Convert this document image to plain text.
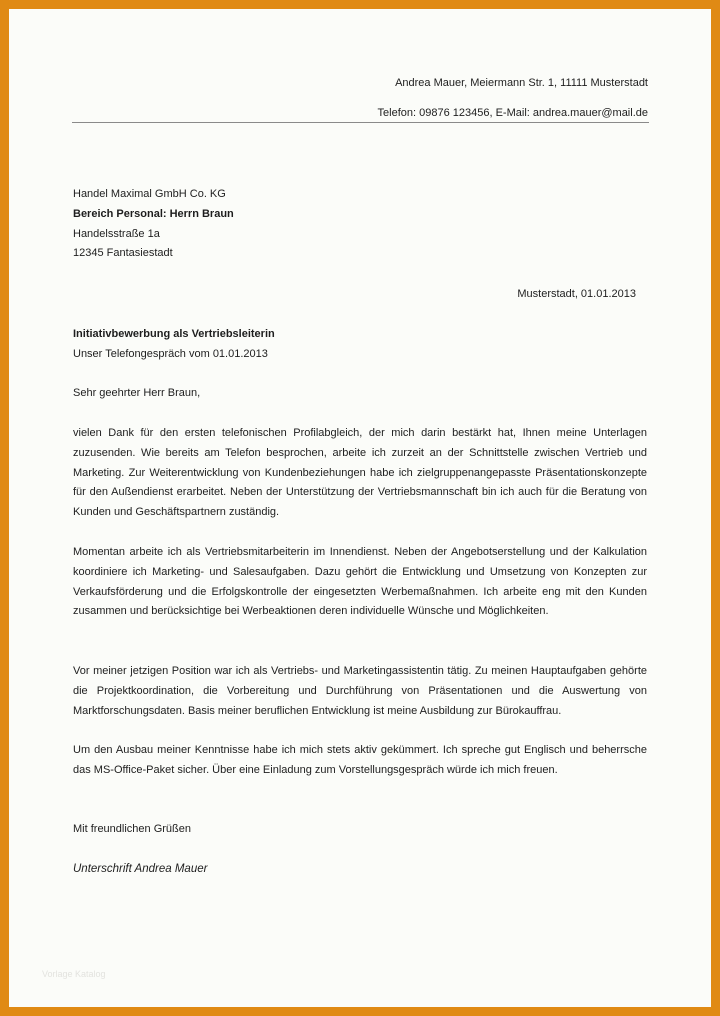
Andrea Mauer, Meiermann Str. 1, 11111 Musterstadt
Telefon: 09876 123456, E-Mail: andrea.mauer@mail.de
Handel Maximal GmbH Co. KG
Bereich Personal: Herrn Braun
Handelsstraße 1a
12345 Fantasiestadt
Musterstadt, 01.01.2013
Initiativbewerbung als Vertriebsleiterin
Unser Telefongespräch vom 01.01.2013
Sehr geehrter Herr Braun,
vielen Dank für den ersten telefonischen Profilabgleich, der mich darin bestärkt hat, Ihnen meine Unterlagen zuzusenden. Wie bereits am Telefon besprochen, arbeite ich zurzeit an der Schnittstelle zwischen Vertrieb und Marketing. Zur Weiterentwicklung von Kundenbeziehungen habe ich zielgruppenangepasste Präsentationskonzepte für den Außendienst erarbeitet. Neben der Unterstützung der Vertriebsmannschaft bin ich auch für die Beratung von Kunden und Geschäftspartnern zuständig.
Momentan arbeite ich als Vertriebsmitarbeiterin im Innendienst. Neben der Angebotserstellung und der Kalkulation koordiniere ich Marketing- und Salesaufgaben. Dazu gehört die Entwicklung und Umsetzung von Konzepten zur Verkaufsförderung und die Erfolgskontrolle der eingesetzten Werbemaßnahmen. Ich arbeite eng mit den Kunden zusammen und berücksichtige bei Werbeaktionen deren individuelle Wünsche und Möglichkeiten.
Vor meiner jetzigen Position war ich als Vertriebs- und Marketingassistentin tätig. Zu meinen Hauptaufgaben gehörte die Projektkoordination, die Vorbereitung und Durchführung von Präsentationen und die Auswertung von Marktforschungsdaten. Basis meiner beruflichen Entwicklung ist meine Ausbildung zur Bürokauffrau.
Um den Ausbau meiner Kenntnisse habe ich mich stets aktiv gekümmert. Ich spreche gut Englisch und beherrsche das MS-Office-Paket sicher. Über eine Einladung zum Vorstellungsgespräch würde ich mich freuen.
Mit freundlichen Grüßen
Unterschrift Andrea Mauer
Vorlage Katalog
